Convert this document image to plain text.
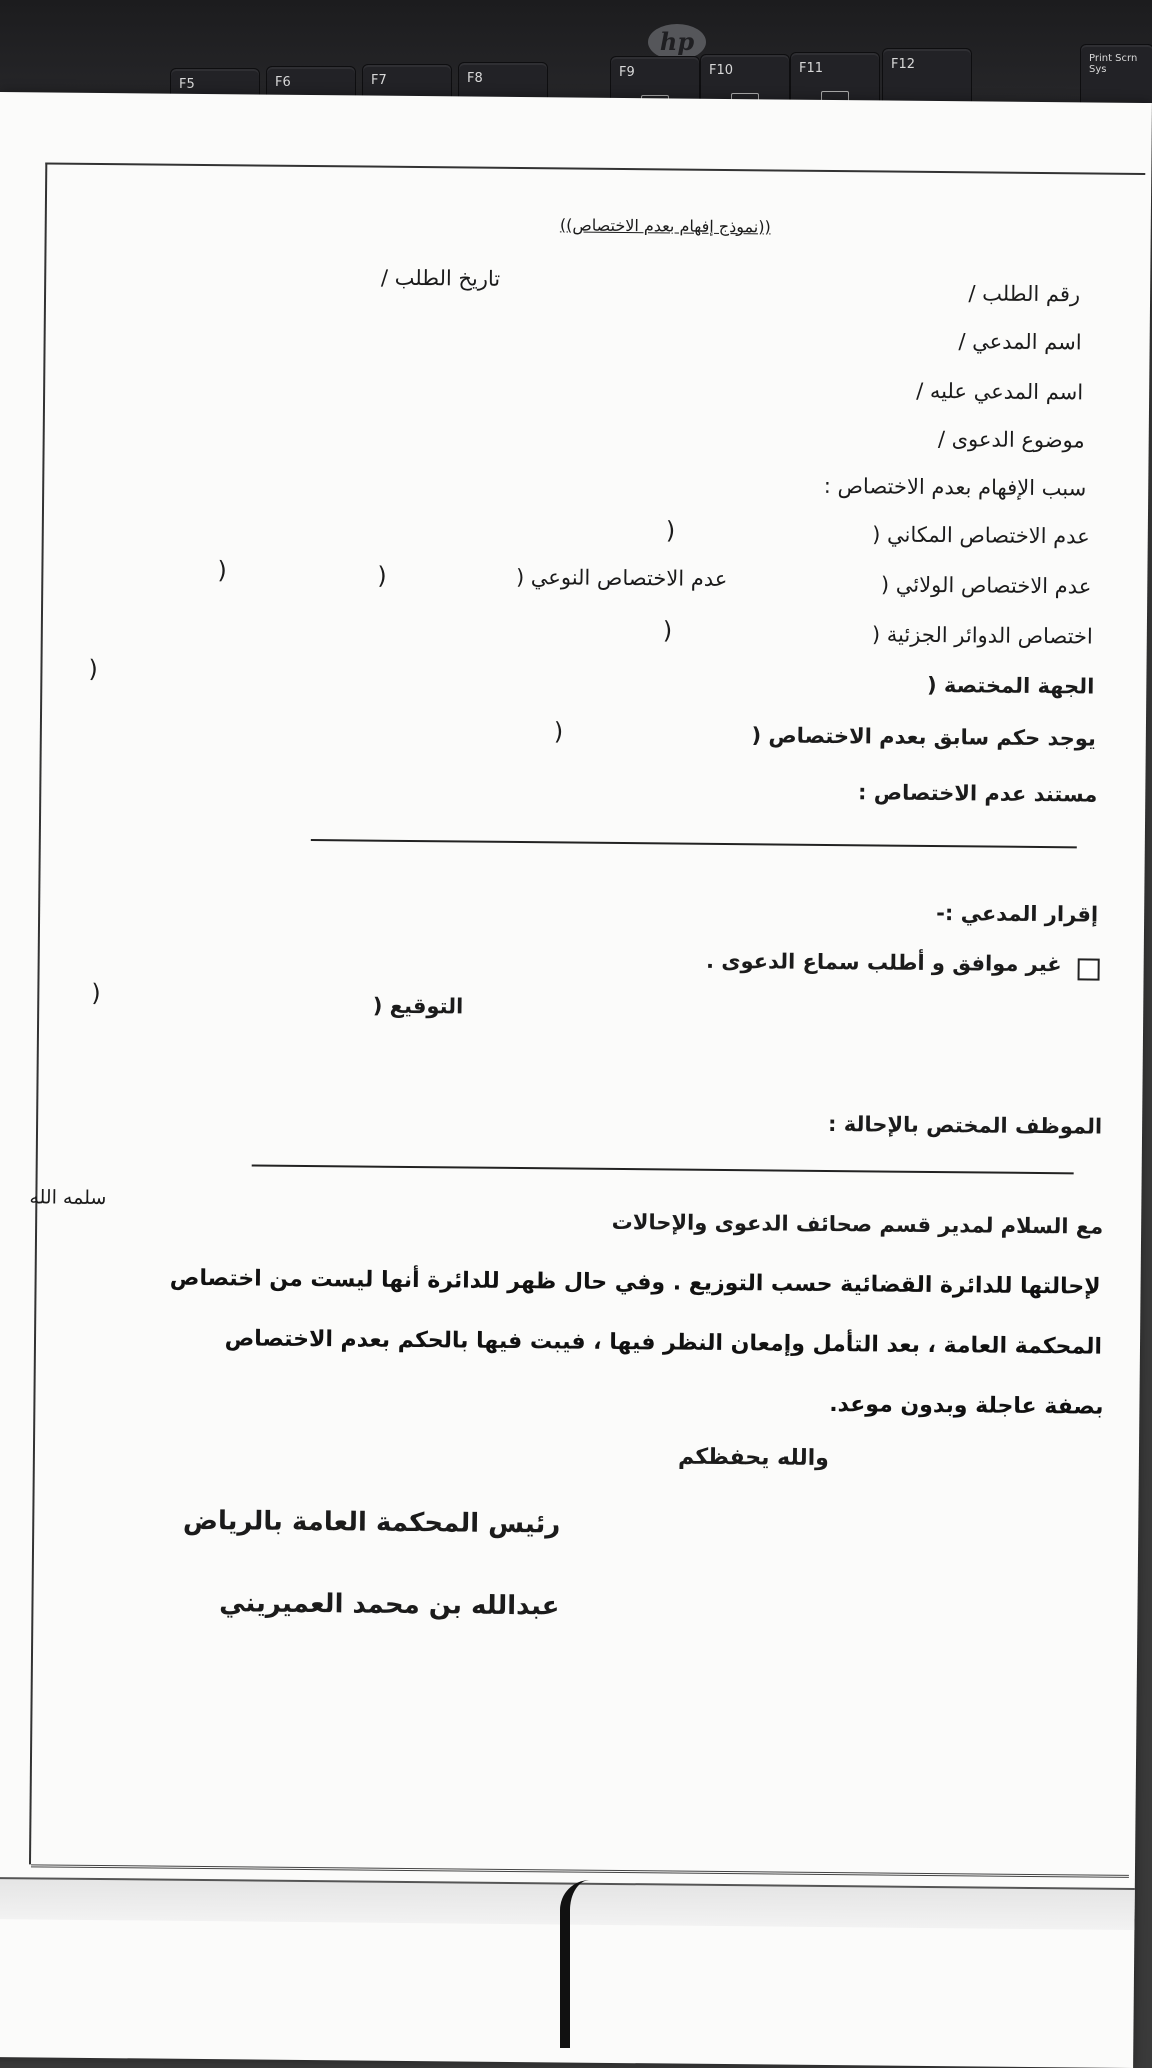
hp
F5	F6	F7	F8	F9	F10	F11	F12	Print Scrn Sys
((نموذج إفهام بعدم الاختصاص))
تاريخ الطلب /
رقم الطلب /
اسم المدعي /
اسم المدعي عليه /
موضوع الدعوى /
سبب الإفهام بعدم الاختصاص :
عدم الاختصاص المكاني (
)
عدم الاختصاص الولائي (
عدم الاختصاص النوعي (
)
)
اختصاص الدوائر الجزئية (
)
الجهة المختصة (
)
يوجد حكم سابق بعدم الاختصاص (
)
مستند عدم الاختصاص :
إقرار المدعي :-
غير موافق و أطلب سماع الدعوى .
التوقيع (
)
الموظف المختص بالإحالة :
مع السلام لمدير قسم صحائف الدعوى والإحالات
سلمه الله
لإحالتها للدائرة القضائية حسب التوزيع . وفي حال ظهر للدائرة أنها ليست من اختصاص
المحكمة العامة ، بعد التأمل وإمعان النظر فيها ، فيبت فيها بالحكم بعدم الاختصاص
بصفة عاجلة وبدون موعد.
والله يحفظكم
رئيس المحكمة العامة بالرياض
عبدالله بن محمد العميريني
